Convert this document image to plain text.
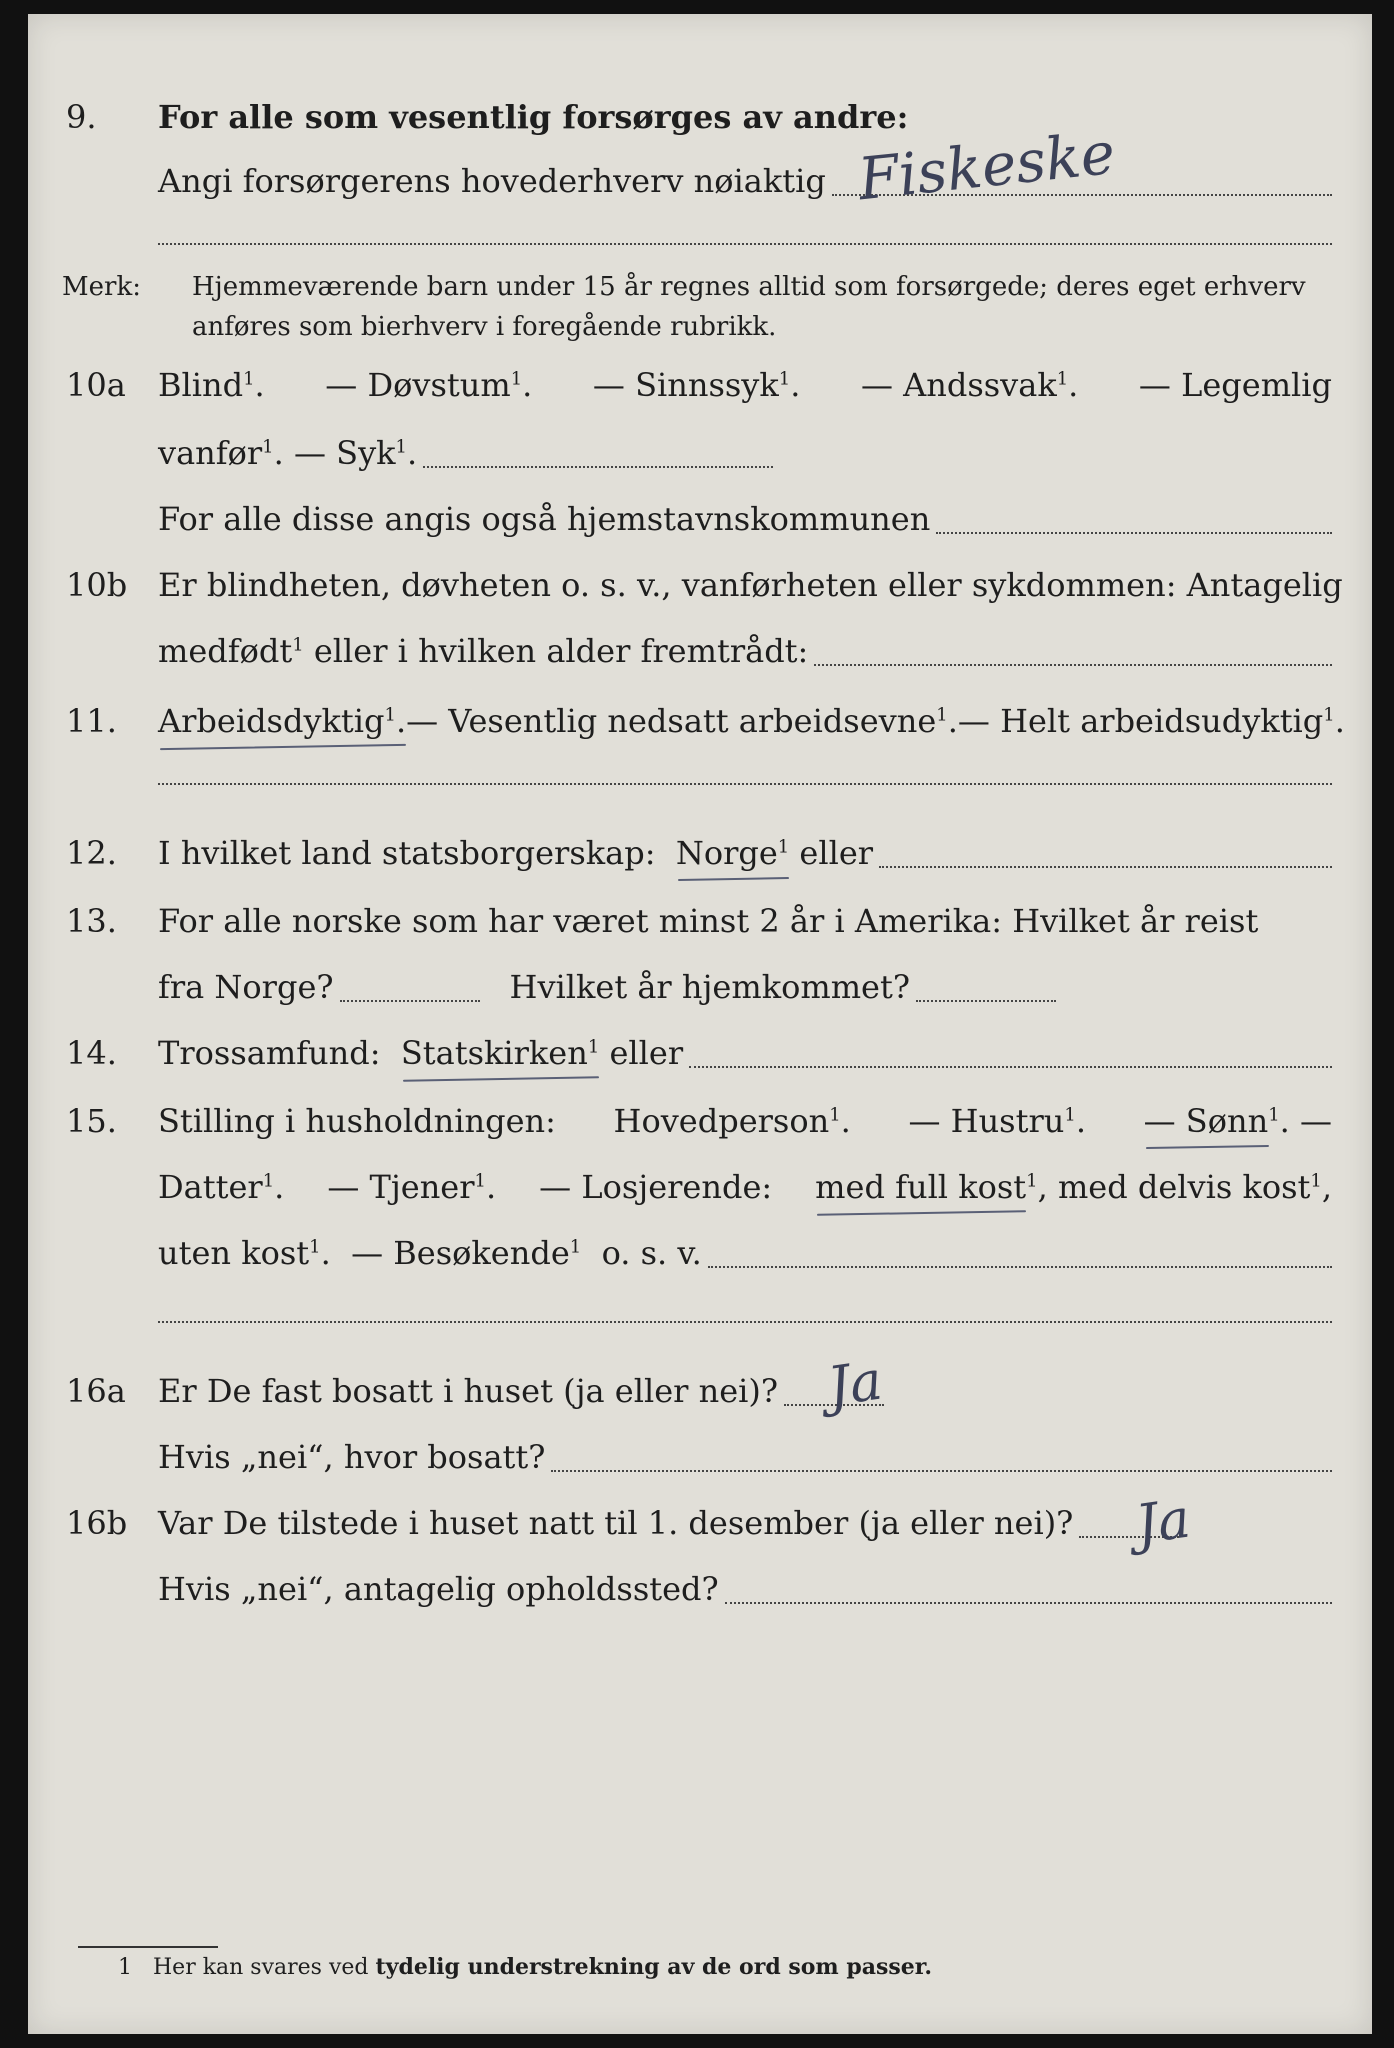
9. For alle som vesentlig forsørges av andre:
Angi forsørgerens hovederhverv nøiaktig Fiskeske
Merk: Hjemmeværende barn under 15 år regnes alltid som forsørgede; deres eget erhverv
anføres som bierhverv i foregående rubrikk.
10a Blind$^1$. — Døvstum$^1$. — Sinnssyk$^1$. — Andssvak$^1$. — Legemlig
vanfør$^1$.
— Syk$^1$.
For alle disse angis også hjemstavnskommunen
10b Er blindheten, døvheten o. s. v., vanførheten eller sykdommen: Antagelig
medfødt$^1$
eller i hvilken alder fremtrådt:
11. Arbeidsdyktig$^1$. — Vesentlig nedsatt arbeidsevne$^1$. — Helt arbeidsudyktig$^1$.
12. I hvilket land statsborgerskap:
Norge$^1$
eller
13. For alle norske som har været minst 2 år i Amerika: Hvilket år reist
fra Norge?	Hvilket år hjemkommet?
14. Trossamfund:
Statskirken$^1$
eller
15. Stilling i husholdningen: Hovedperson$^1$. — Hustru$^1$. — Sønn$^1$. —
Datter$^1$. — Tjener$^1$. — Losjerende: med full kost$^1$, med delvis kost$^1$,
uten kost$^1$.
— Besøkende$^1$
o. s. v.
16a Er De fast bosatt i huset (ja eller nei)? Ja
Hvis „nei“, hvor bosatt?
16b Var De tilstede i huset natt til 1. desember (ja eller nei)? Ja
Hvis „nei“, antagelig opholdssted?
1 Her kan svares ved tydelig understrekning av de ord som passer.
